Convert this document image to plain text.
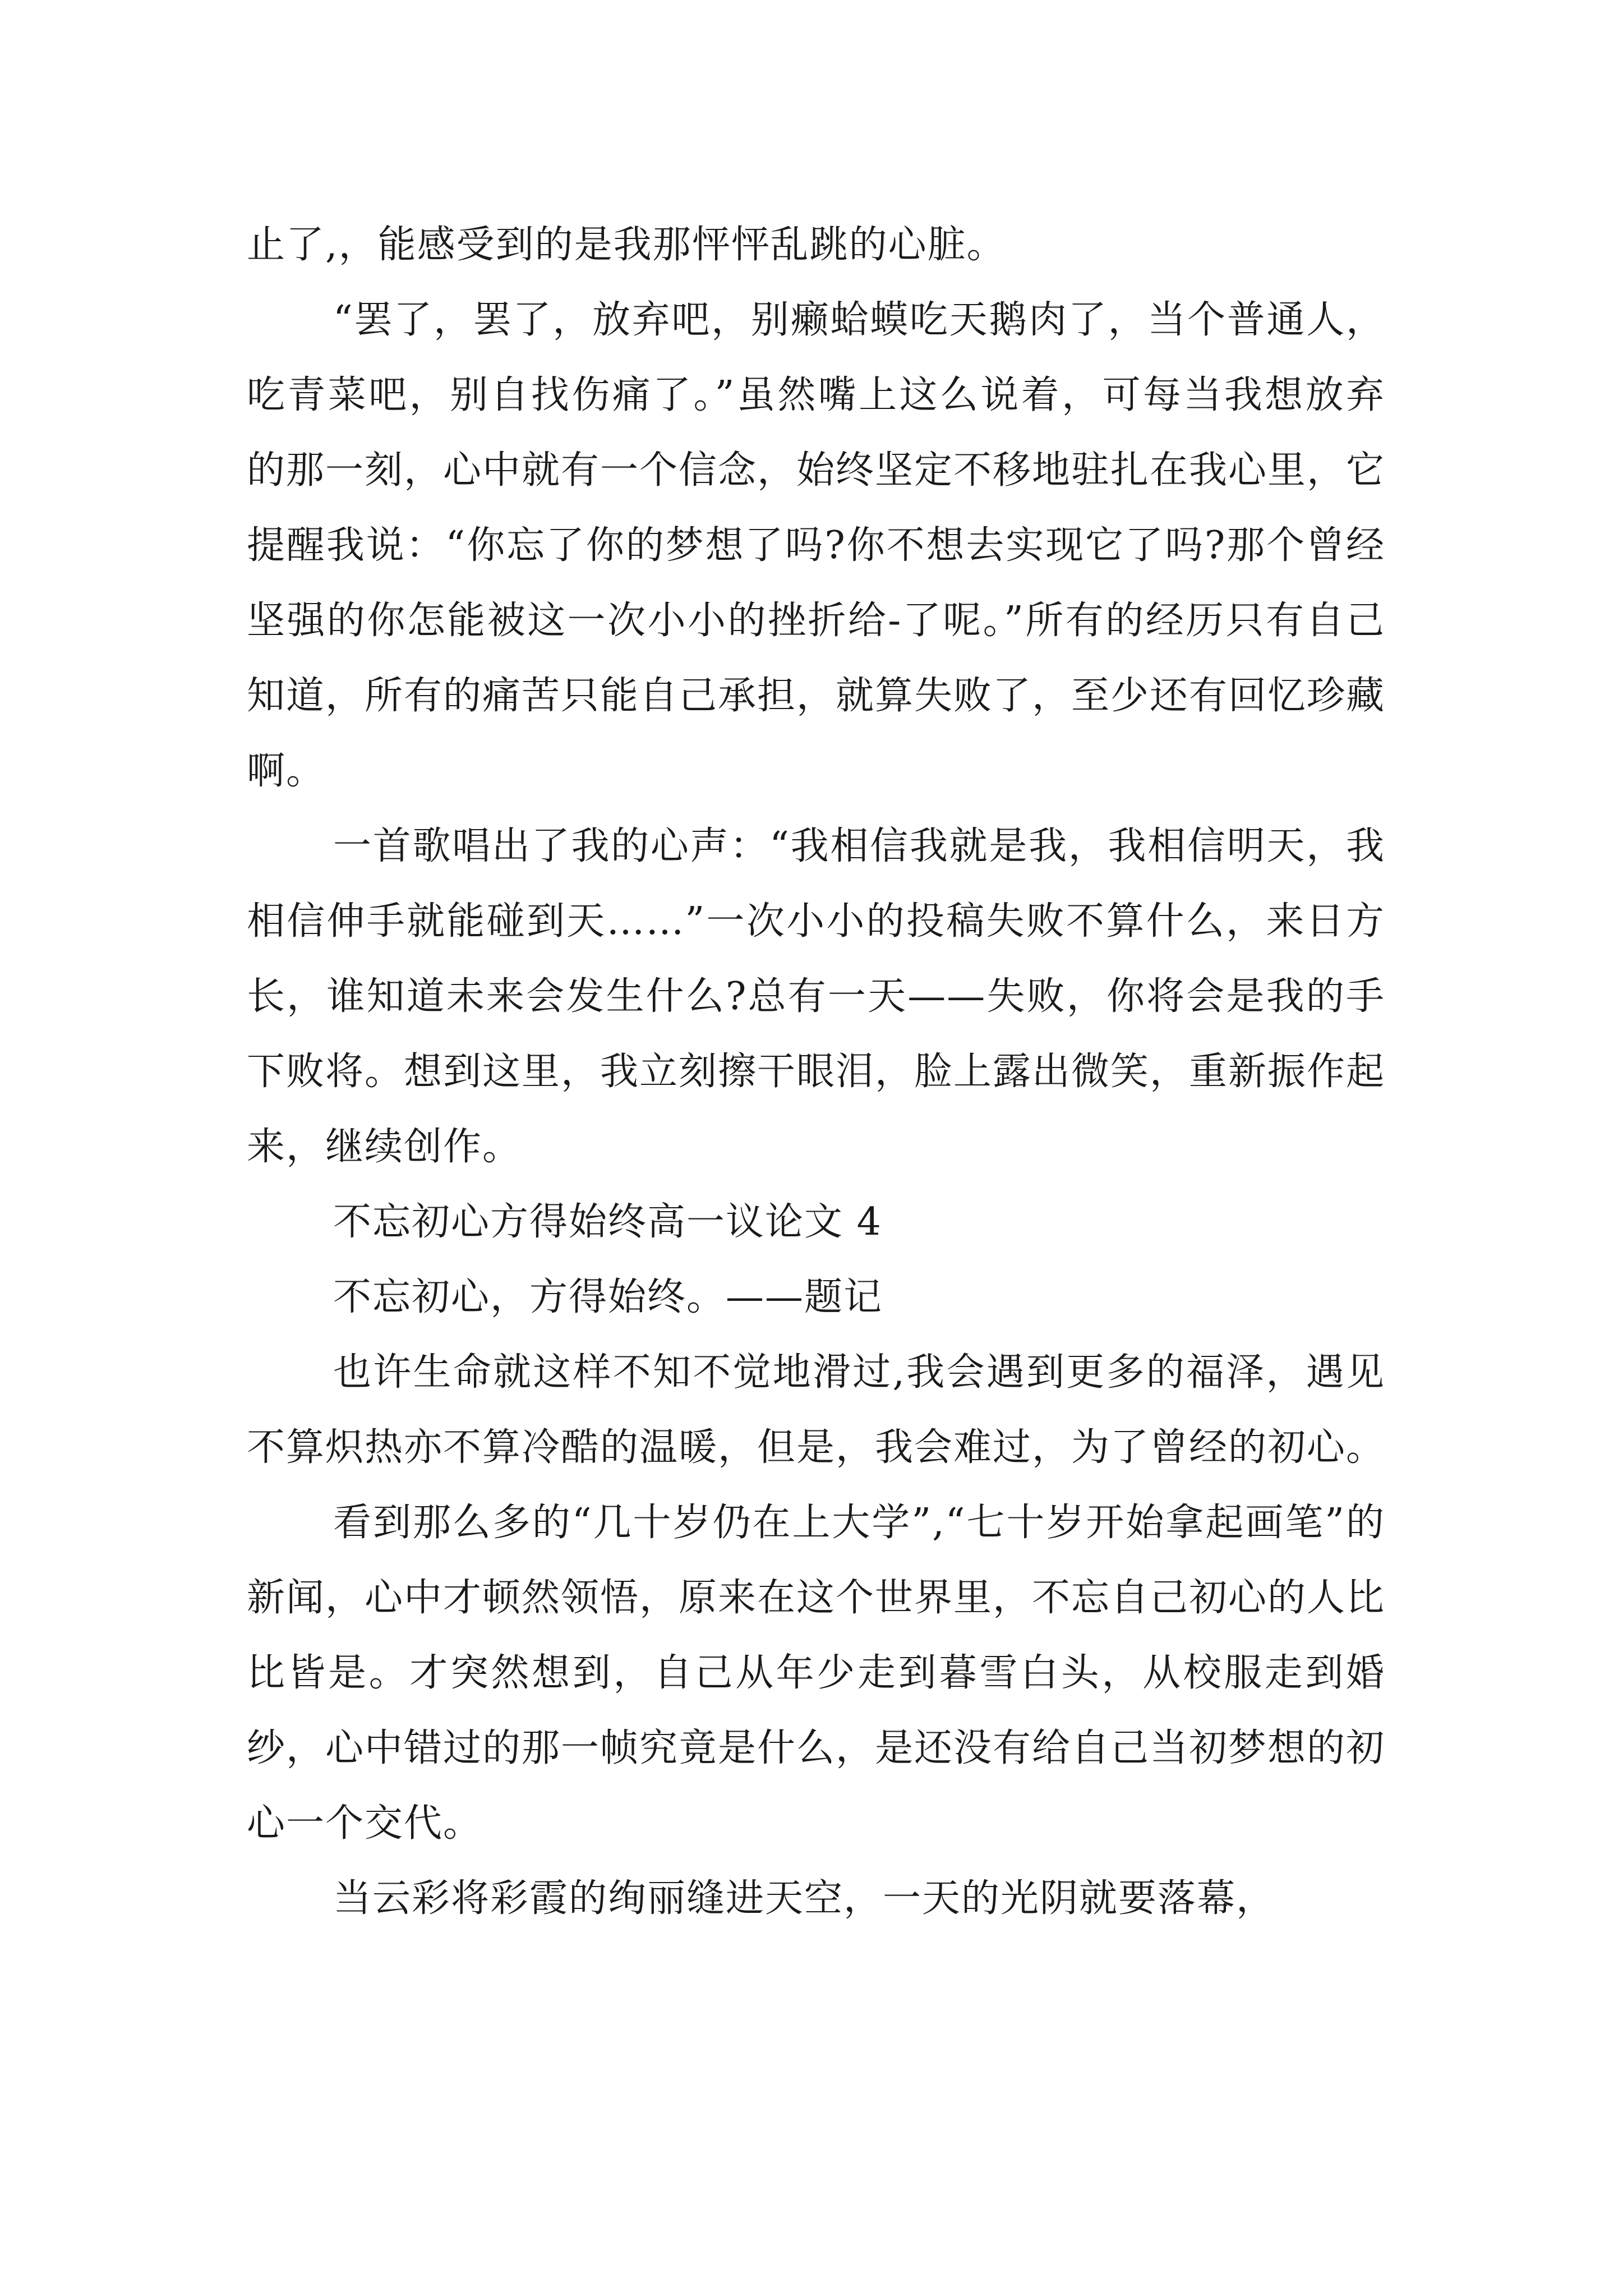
止了,，能感受到的是我那怦怦乱跳的心脏。

“罢了，罢了，放弃吧，别癞蛤蟆吃天鹅肉了，当个普通人，吃青菜吧，别自找伤痛了。”虽然嘴上这么说着，可每当我想放弃的那一刻，心中就有一个信念，始终坚定不移地驻扎在我心里，它提醒我说：“你忘了你的梦想了吗?你不想去实现它了吗?那个曾经坚强的你怎能被这一次小小的挫折给-了呢。”所有的经历只有自己知道，所有的痛苦只能自己承担，就算失败了，至少还有回忆珍藏啊。

一首歌唱出了我的心声：“我相信我就是我，我相信明天，我相信伸手就能碰到天……”一次小小的投稿失败不算什么，来日方长，谁知道未来会发生什么?总有一天——失败，你将会是我的手下败将。想到这里，我立刻擦干眼泪，脸上露出微笑，重新振作起来，继续创作。

不忘初心方得始终高一议论文 4

不忘初心，方得始终。——题记

也许生命就这样不知不觉地滑过,我会遇到更多的福泽，遇见不算炽热亦不算冷酷的温暖，但是，我会难过，为了曾经的初心。

看到那么多的“几十岁仍在上大学”,“七十岁开始拿起画笔”的新闻，心中才顿然领悟，原来在这个世界里，不忘自己初心的人比比皆是。才突然想到，自己从年少走到暮雪白头，从校服走到婚纱，心中错过的那一帧究竟是什么，是还没有给自己当初梦想的初心一个交代。

当云彩将彩霞的绚丽缝进天空，一天的光阴就要落幕，
